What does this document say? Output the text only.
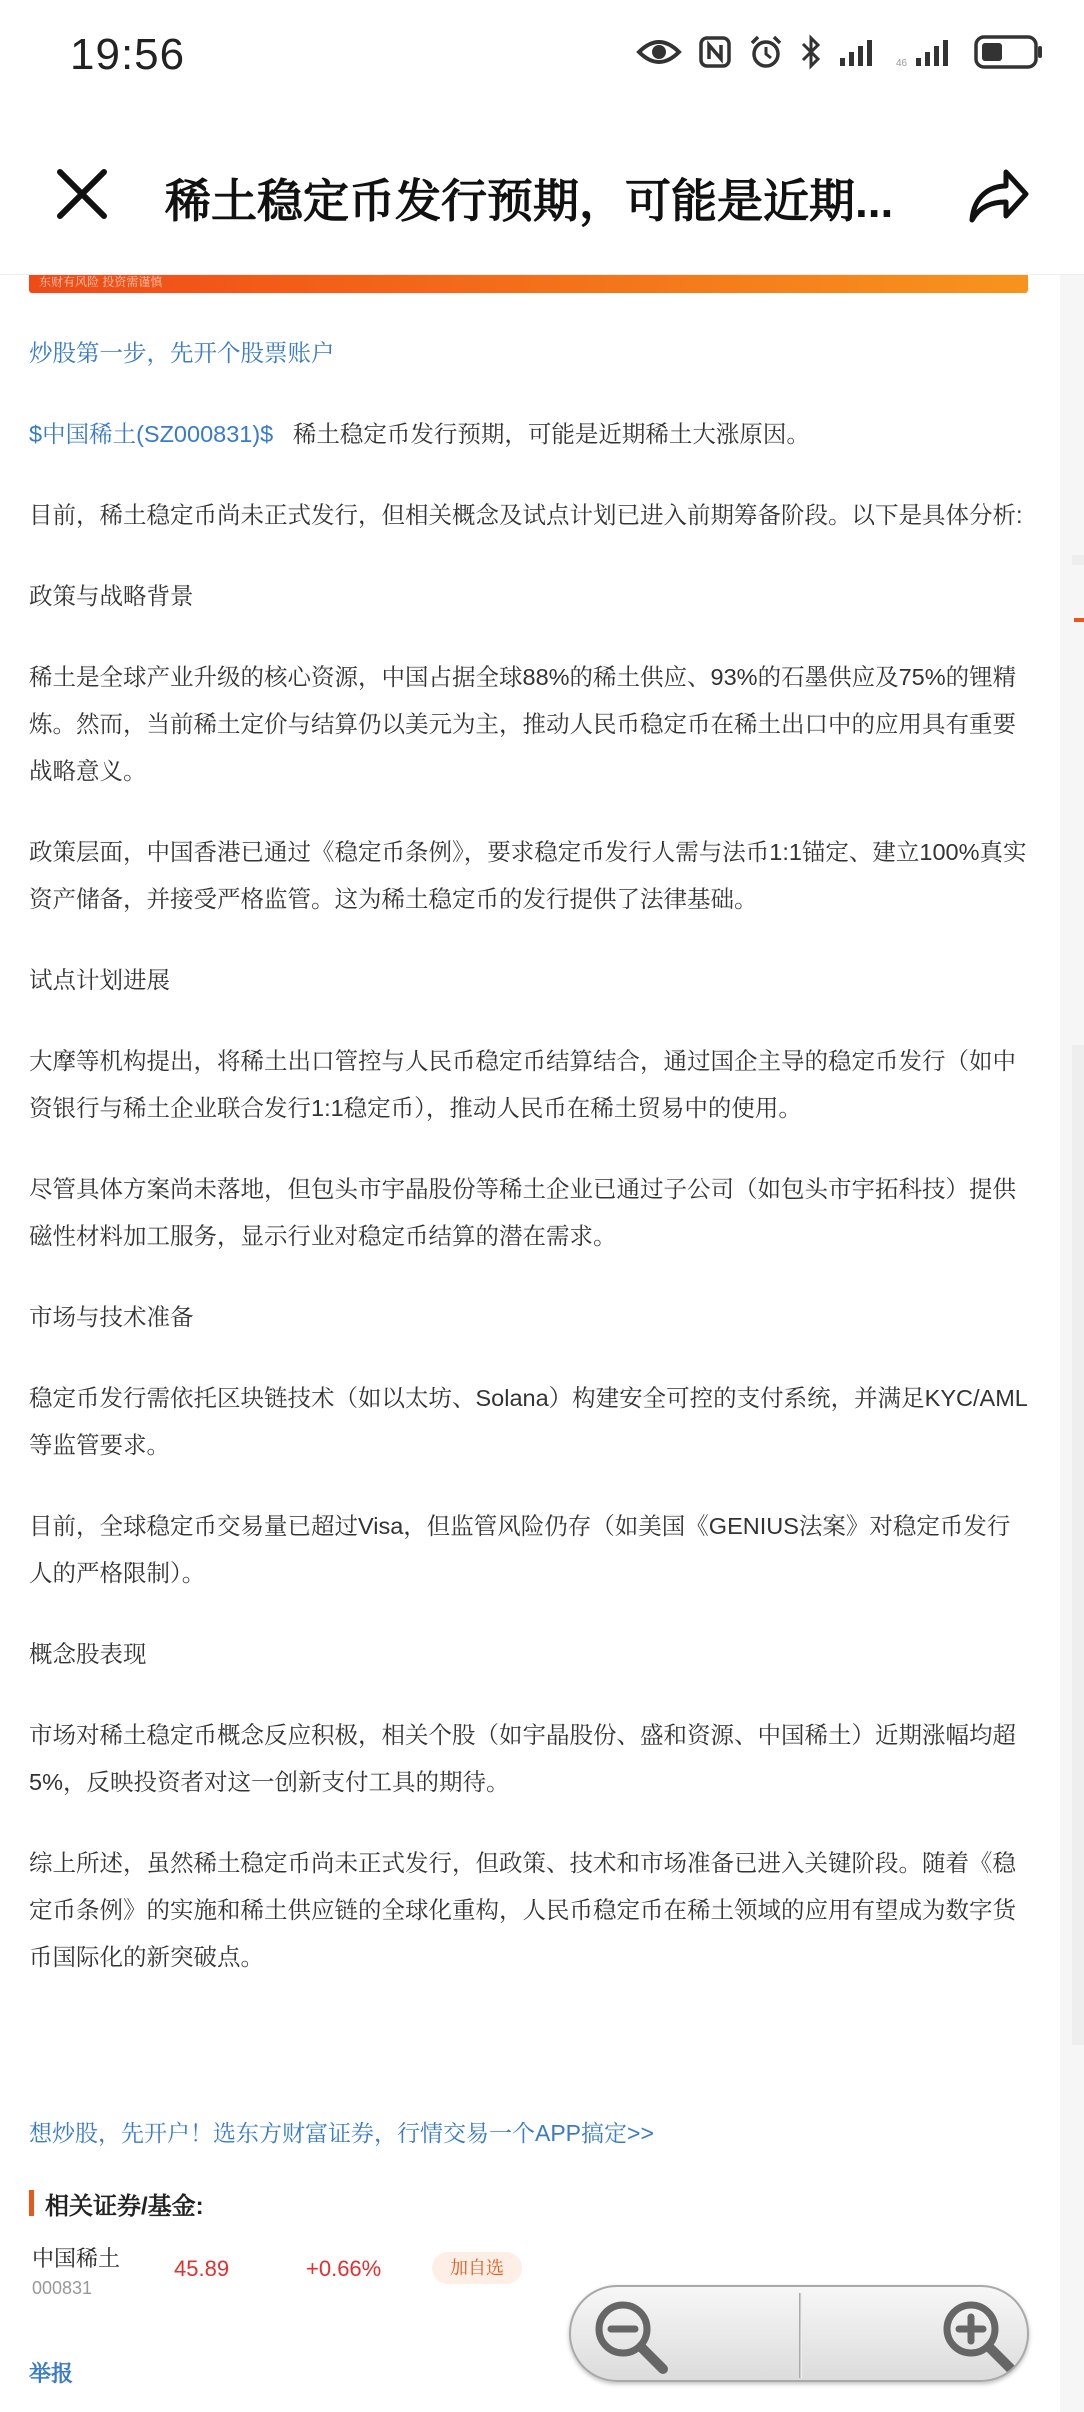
19:56	46
稀土稳定币发行预期，可能是近期...
东财有风险 投资需谨慎

炒股第一步，先开个股票账户

$中国稀土(SZ000831)$ 稀土稳定币发行预期，可能是近期稀土大涨原因。

目前，稀土稳定币尚未正式发行，但相关概念及试点计划已进入前期筹备阶段。以下是具体分析:

政策与战略背景

稀土是全球产业升级的核心资源，中国占据全球88%的稀土供应、93%的石墨供应及75%的锂精炼。然而，当前稀土定价与结算仍以美元为主，推动人民币稳定币在稀土出口中的应用具有重要战略意义。

政策层面，中国香港已通过《稳定币条例》，要求稳定币发行人需与法币1:1锚定、建立100%真实资产储备，并接受严格监管。这为稀土稳定币的发行提供了法律基础。

试点计划进展

大摩等机构提出，将稀土出口管控与人民币稳定币结算结合，通过国企主导的稳定币发行（如中资银行与稀土企业联合发行1:1稳定币），推动人民币在稀土贸易中的使用。

尽管具体方案尚未落地，但包头市宇晶股份等稀土企业已通过子公司（如包头市宇拓科技）提供磁性材料加工服务，显示行业对稳定币结算的潜在需求。

市场与技术准备

稳定币发行需依托区块链技术（如以太坊、Solana）构建安全可控的支付系统，并满足KYC/AML等监管要求。

目前，全球稳定币交易量已超过Visa，但监管风险仍存（如美国《GENIUS法案》对稳定币发行人的严格限制）。

概念股表现

市场对稀土稳定币概念反应积极，相关个股（如宇晶股份、盛和资源、中国稀土）近期涨幅均超5%，反映投资者对这一创新支付工具的期待。

综上所述，虽然稀土稳定币尚未正式发行，但政策、技术和市场准备已进入关键阶段。随着《稳定币条例》的实施和稀土供应链的全球化重构，人民币稳定币在稀土领域的应用有望成为数字货币国际化的新突破点。

想炒股，先开户！选东方财富证券，行情交易一个APP搞定>>
相关证券/基金:
中国稀土
000831
45.89	+0.66%	加自选
举报
